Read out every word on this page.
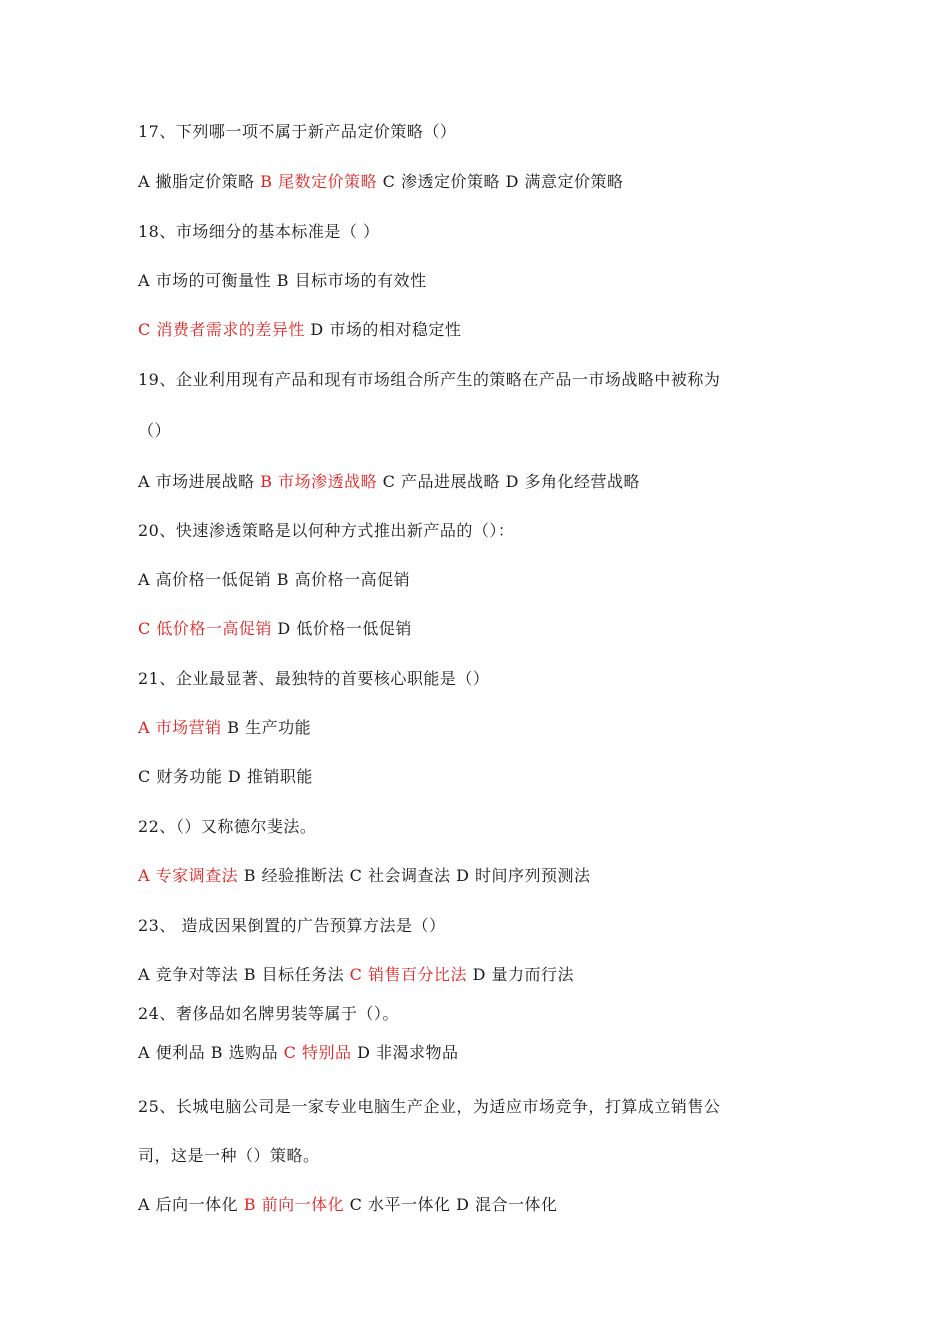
17、下列哪一项不属于新产品定价策略（）
A 撇脂定价策略 B 尾数定价策略 C 渗透定价策略 D 满意定价策略
18、市场细分的基本标准是（ ）
A 市场的可衡量性 B 目标市场的有效性
C 消费者需求的差异性 D 市场的相对稳定性
19、企业利用现有产品和现有市场组合所产生的策略在产品一市场战略中被称为
（）
A 市场进展战略 B 市场渗透战略 C 产品进展战略 D 多角化经营战略
20、快速渗透策略是以何种方式推出新产品的（）：
A 高价格一低促销 B 高价格一高促销
C 低价格一高促销 D 低价格一低促销
21、企业最显著、最独特的首要核心职能是（）
A 市场营销 B 生产功能
C 财务功能 D 推销职能
22、（）又称德尔斐法。
A 专家调查法 B 经验推断法 C 社会调查法 D 时间序列预测法
23、 造成因果倒置的广告预算方法是（）
A 竞争对等法 B 目标任务法 C 销售百分比法 D 量力而行法
24、奢侈品如名牌男装等属于（）。
A 便利品 B 选购品 C 特别品 D 非渴求物品
25、长城电脑公司是一家专业电脑生产企业，为适应市场竞争，打算成立销售公
司，这是一种（）策略。
A 后向一体化 B 前向一体化 C 水平一体化 D 混合一体化
